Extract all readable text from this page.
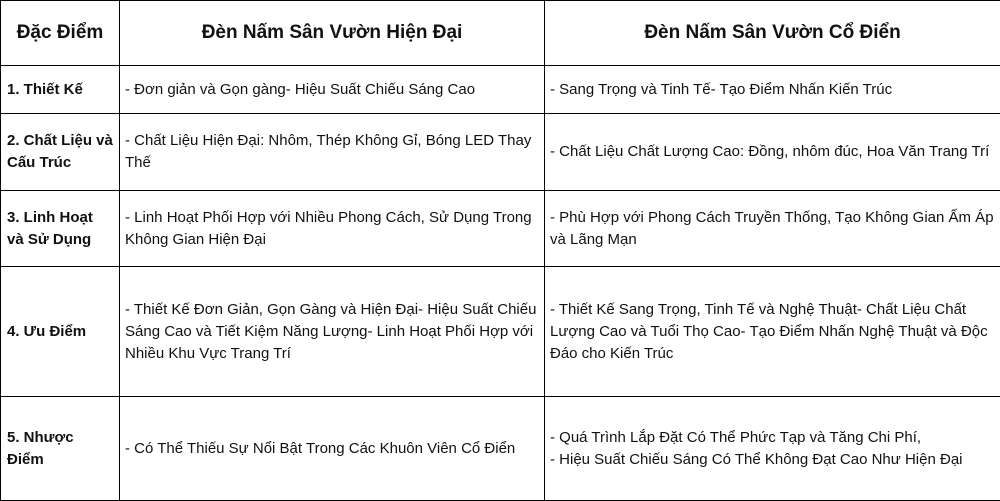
Đặc Điểm	Đèn Nấm Sân Vườn Hiện Đại	Đèn Nấm Sân Vườn Cổ Điển
1. Thiết Kế	- Đơn giản và Gọn gàng- Hiệu Suất Chiếu Sáng Cao	- Sang Trọng và Tinh Tế- Tạo Điểm Nhấn Kiến Trúc
2. Chất Liệu và Cấu Trúc	- Chất Liệu Hiện Đại: Nhôm, Thép Không Gỉ, Bóng LED Thay Thế	- Chất Liệu Chất Lượng Cao: Đồng, nhôm đúc, Hoa Văn Trang Trí
3. Linh Hoạt và Sử Dụng	- Linh Hoạt Phối Hợp với Nhiều Phong Cách, Sử Dụng Trong Không Gian Hiện Đại	- Phù Hợp với Phong Cách Truyền Thống, Tạo Không Gian Ấm Áp và Lãng Mạn
4. Ưu Điểm	- Thiết Kế Đơn Giản, Gọn Gàng và Hiện Đại- Hiệu Suất Chiếu Sáng Cao và Tiết Kiệm Năng Lượng- Linh Hoạt Phối Hợp với Nhiều Khu Vực Trang Trí	- Thiết Kế Sang Trọng, Tinh Tế và Nghệ Thuật- Chất Liệu Chất Lượng Cao và Tuổi Thọ Cao- Tạo Điểm Nhấn Nghệ Thuật và Độc Đáo cho Kiến Trúc
5. Nhược Điểm	- Có Thể Thiếu Sự Nổi Bật Trong Các Khuôn Viên Cổ Điển	- Quá Trình Lắp Đặt Có Thể Phức Tạp và Tăng Chi Phí,
- Hiệu Suất Chiếu Sáng Có Thể Không Đạt Cao Như Hiện Đại
